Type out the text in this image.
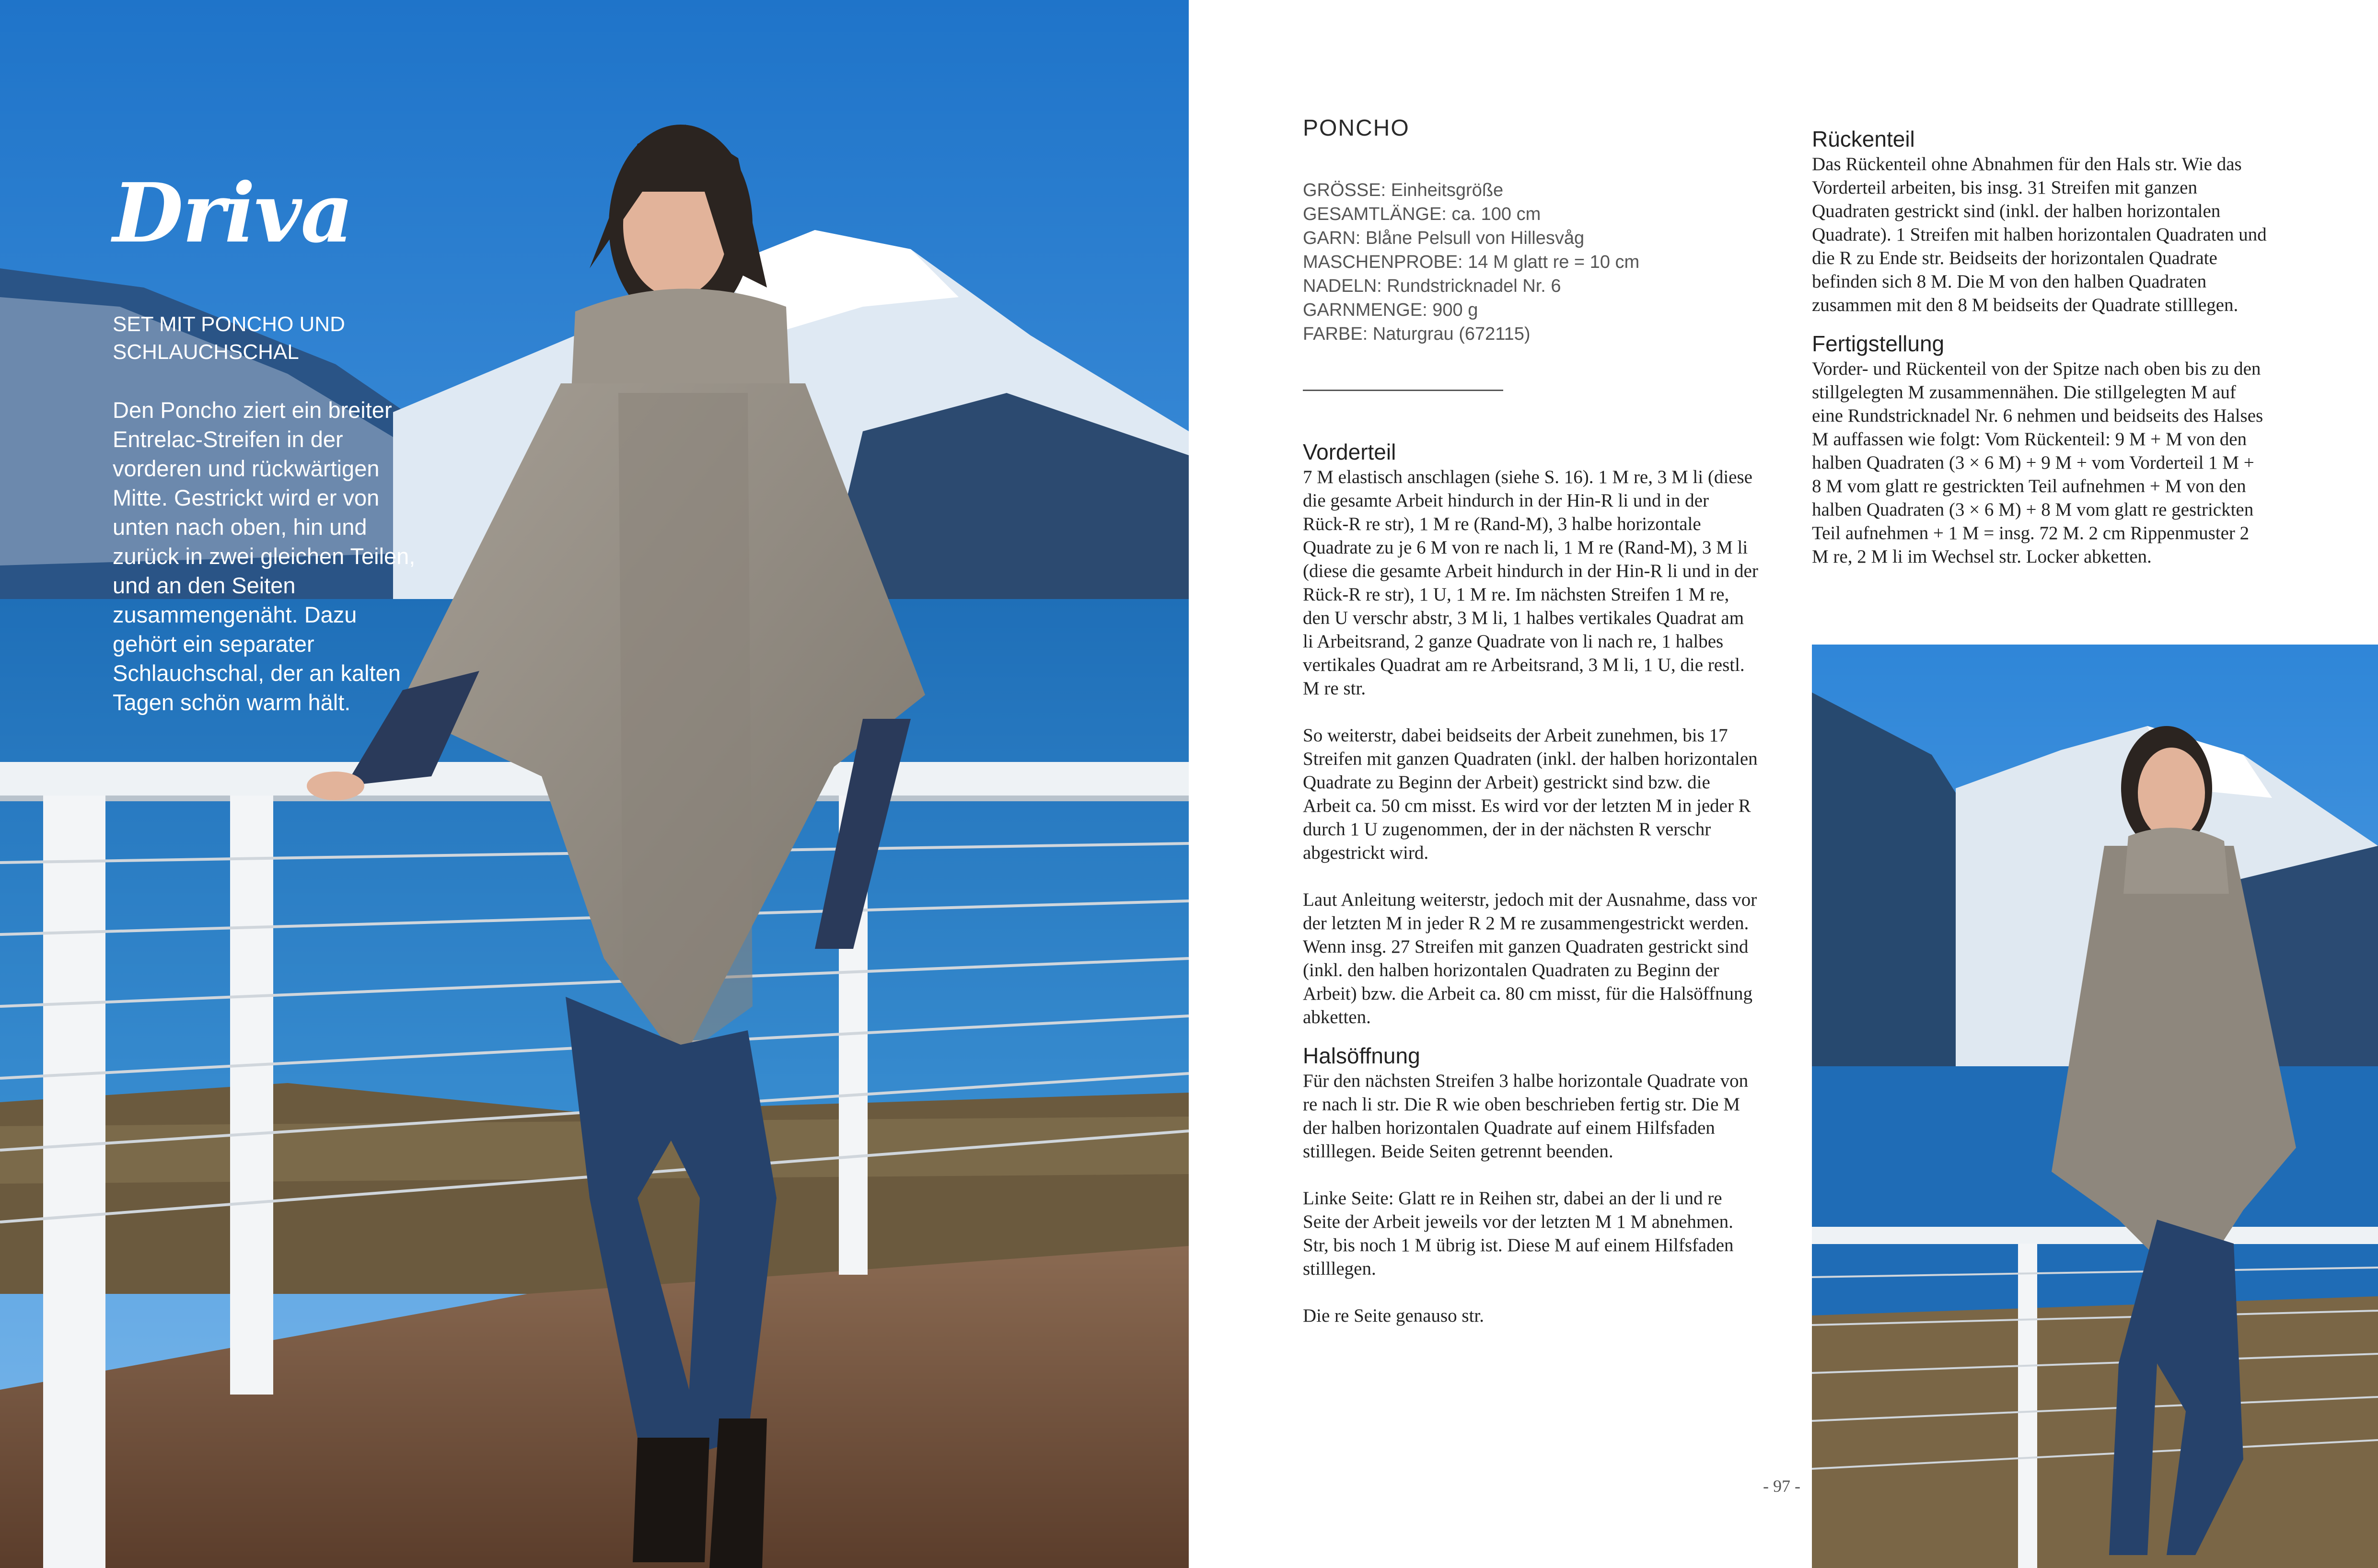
Driva
SET MIT PONCHO UND SCHLAUCHSCHAL
Den Poncho ziert ein breiter Entrelac-Streifen in der vorderen und rückwärtigen Mitte. Gestrickt wird er von unten nach oben, hin und zurück in zwei gleichen Teilen, und an den Seiten zusammengenäht. Dazu gehört ein separater Schlauchschal, der an kalten Tagen schön warm hält.
PONCHO
GRÖSSE: Einheitsgröße
GESAMTLÄNGE: ca. 100 cm
GARN: Blåne Pelsull von Hillesvåg
MASCHENPROBE: 14 M glatt re = 10 cm
NADELN: Rundstricknadel Nr. 6
GARNMENGE: 900 g
FARBE: Naturgrau (672115)

Vorderteil

7 M elastisch anschlagen (siehe S. 16). 1 M re, 3 M li (diese die gesamte Arbeit hindurch in der Hin-R li und in der Rück-R re str), 1 M re (Rand-M), 3 halbe horizontale Quadrate zu je 6 M von re nach li, 1 M re (Rand-M), 3 M li (diese die gesamte Arbeit hindurch in der Hin-R li und in der Rück-R re str), 1 U, 1 M re. Im nächsten Streifen 1 M re, den U verschr abstr, 3 M li, 1 halbes vertikales Quadrat am li Arbeitsrand, 2 ganze Quadrate von li nach re, 1 halbes vertikales Quadrat am re Arbeitsrand, 3 M li, 1 U, die restl. M re str.

So weiterstr, dabei beidseits der Arbeit zunehmen, bis 17 Streifen mit ganzen Quadraten (inkl. der halben horizontalen Quadrate zu Beginn der Arbeit) gestrickt sind bzw. die Arbeit ca. 50 cm misst. Es wird vor der letzten M in jeder R durch 1 U zugenommen, der in der nächsten R verschr abgestrickt wird.

Laut Anleitung weiterstr, jedoch mit der Ausnahme, dass vor der letzten M in jeder R 2 M re zusammengestrickt werden. Wenn insg. 27 Streifen mit ganzen Quadraten gestrickt sind (inkl. den halben horizontalen Quadraten zu Beginn der Arbeit) bzw. die Arbeit ca. 80 cm misst, für die Halsöffnung abketten.

Halsöffnung

Für den nächsten Streifen 3 halbe horizontale Quadrate von re nach li str. Die R wie oben beschrieben fertig str. Die M der halben horizontalen Quadrate auf einem Hilfsfaden stilllegen. Beide Seiten getrennt beenden.

Linke Seite: Glatt re in Reihen str, dabei an der li und re Seite der Arbeit jeweils vor der letzten M 1 M abnehmen. Str, bis noch 1 M übrig ist. Diese M auf einem Hilfsfaden stilllegen.

Die re Seite genauso str.

Rückenteil

Das Rückenteil ohne Abnahmen für den Hals str. Wie das Vorderteil arbeiten, bis insg. 31 Streifen mit ganzen Quadraten gestrickt sind (inkl. der halben horizontalen Quadrate). 1 Streifen mit halben horizontalen Quadraten und die R zu Ende str. Beidseits der horizontalen Quadrate befinden sich 8 M. Die M von den halben Quadraten zusammen mit den 8 M beidseits der Quadrate stilllegen.

Fertigstellung

Vorder- und Rückenteil von der Spitze nach oben bis zu den stillgelegten M zusammennähen. Die stillgelegten M auf eine Rundstricknadel Nr. 6 nehmen und beidseits des Halses M auffassen wie folgt: Vom Rückenteil: 9 M + M von den halben Quadraten (3 × 6 M) + 9 M + vom Vorderteil 1 M + 8 M vom glatt re gestrickten Teil aufnehmen + M von den halben Quadraten (3 × 6 M) + 8 M vom glatt re gestrickten Teil aufnehmen + 1 M = insg. 72 M. 2 cm Rippenmuster 2 M re, 2 M li im Wechsel str. Locker abketten.

- 97 -
